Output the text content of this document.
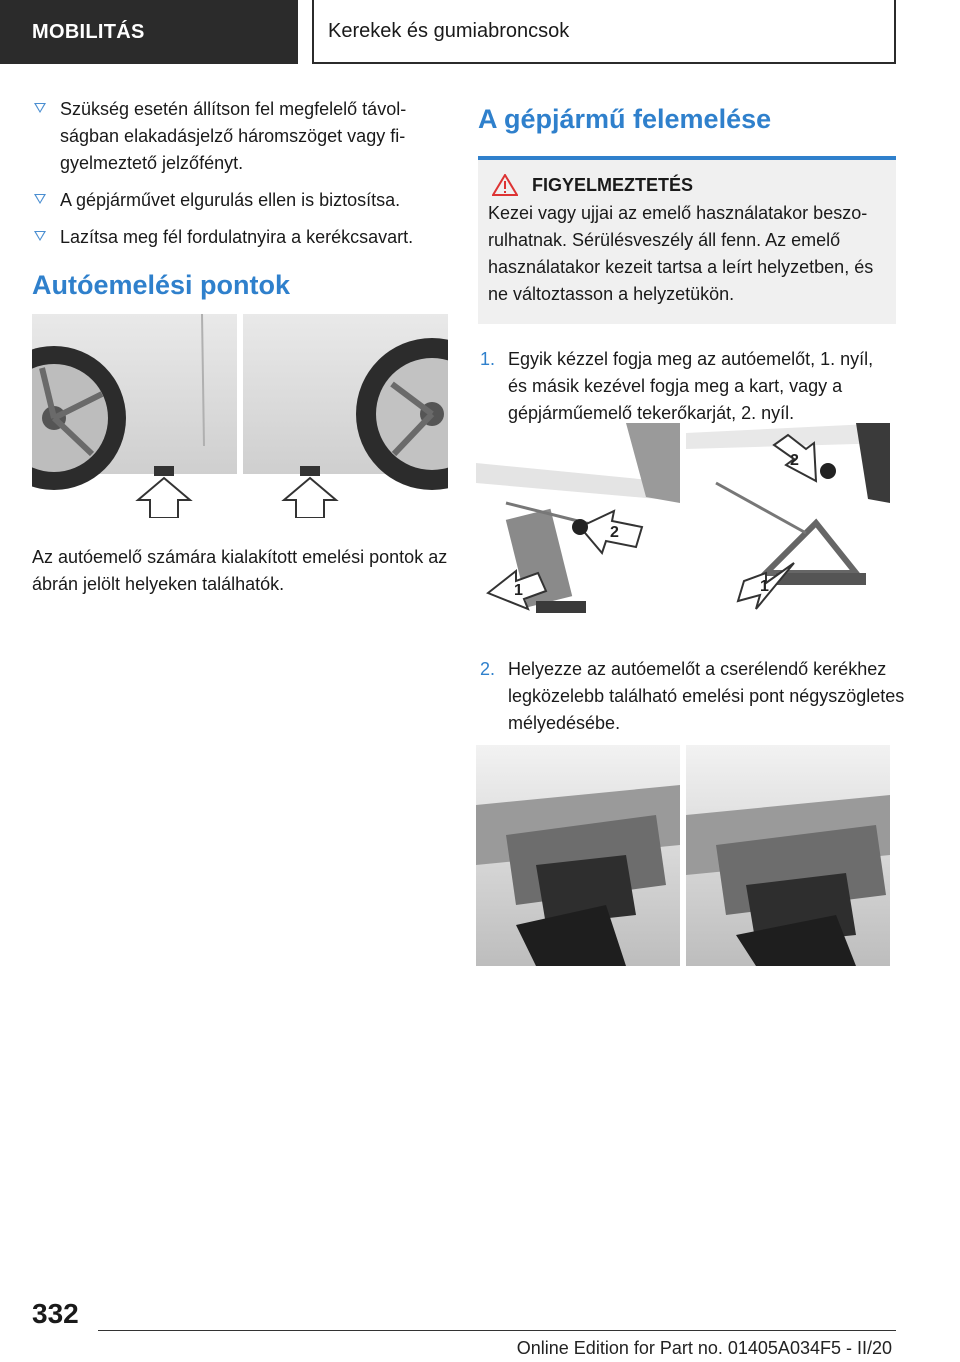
MOBILITÁS	Kerekek és gumiabroncsok
Szükség esetén állítson fel megfelelő távolságban elakadásjelző háromszöget vagy figyelmeztető jelzőfényt.
A gépjárművet elgurulás ellen is biztosítsa.
Lazítsa meg fél fordulatnyira a kerékcsavart.
Autóemelési pontok
Az autóemelő számára kialakított emelési pontok az ábrán jelölt helyeken találhatók.
A gépjármű felemelése
FIGYELMEZTETÉS
Kezei vagy ujjai az emelő használatakor beszorulhatnak. Sérülésveszély áll fenn. Az emelő használatakor kezeit tartsa a leírt helyzetben, és ne változtasson a helyzetükön.
1. Egyik kézzel fogja meg az autóemelőt, 1. nyíl, és másik kezével fogja meg a kart, vagy a gépjárműemelő tekerőkarját, 2. nyíl.
1
2
2
1
2. Helyezze az autóemelőt a cserélendő kerékhez legközelebb található emelési pont négyszögletes mélyedésébe.
332
Online Edition for Part no. 01405A034F5 - II/20
